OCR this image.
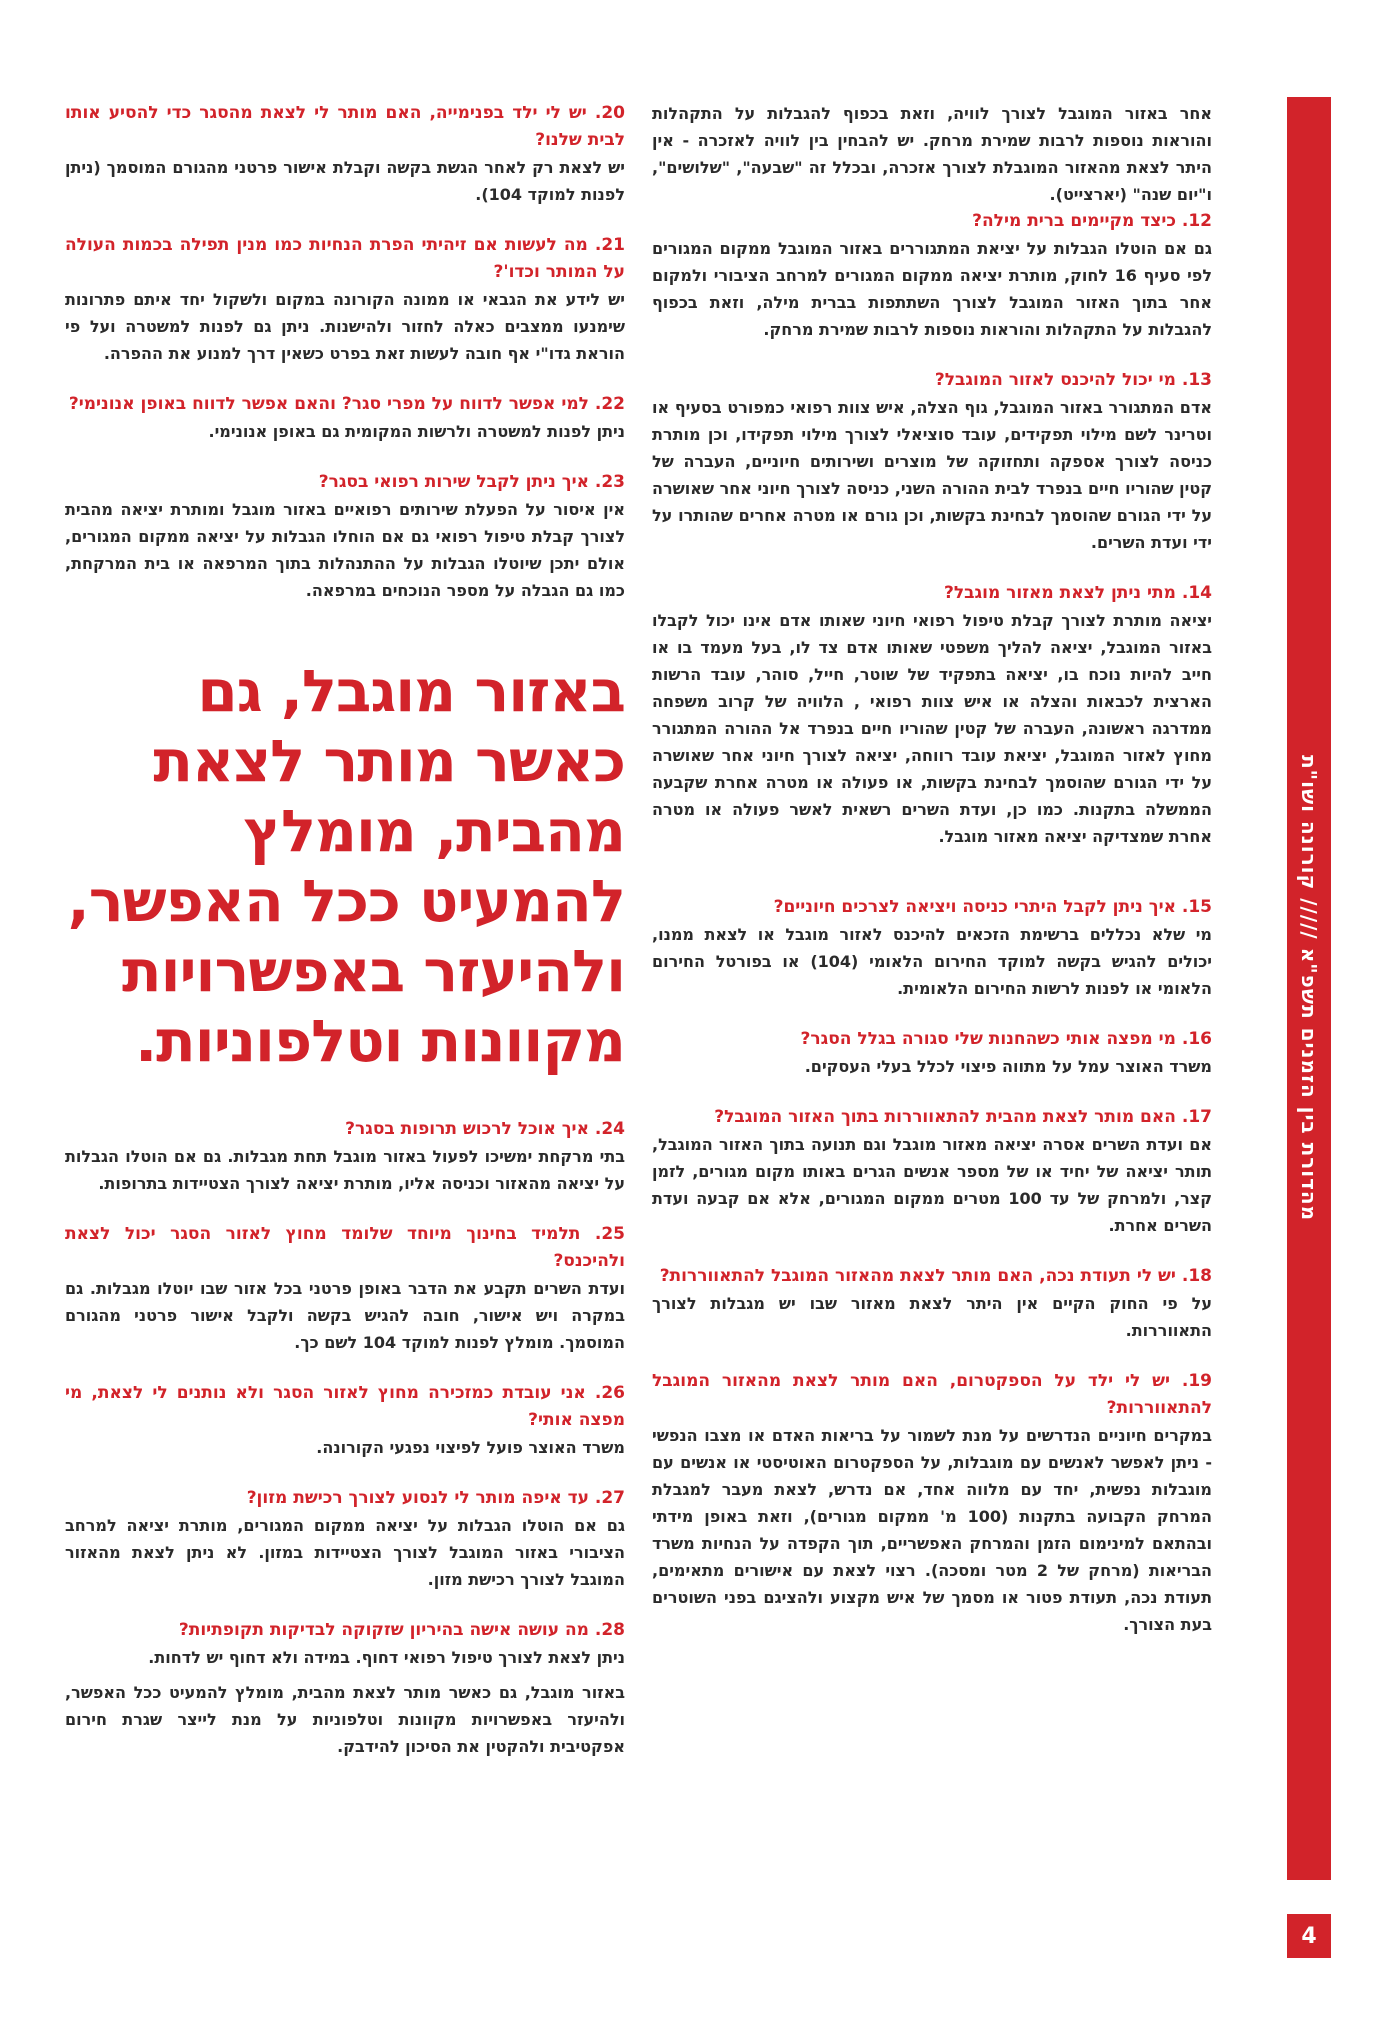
מהדורת בין הזמנים תשפ"א ///// קורונה ושו"ת
4

אחר באזור המוגבל לצורך לוויה, וזאת בכפוף להגבלות על התקהלות והוראות נוספות לרבות שמירת מרחק. יש להבחין בין לוויה לאזכרה - אין היתר לצאת מהאזור המוגבלת לצורך אזכרה, ובכלל זה "שבעה", "שלושים", ו"יום שנה" (יארצייט).

12. כיצד מקיימים ברית מילה?

גם אם הוטלו הגבלות על יציאת המתגוררים באזור המוגבל ממקום המגורים לפי סעיף 16 לחוק, מותרת יציאה ממקום המגורים למרחב הציבורי ולמקום אחר בתוך האזור המוגבל לצורך השתתפות בברית מילה, וזאת בכפוף להגבלות על התקהלות והוראות נוספות לרבות שמירת מרחק.

13. מי יכול להיכנס לאזור המוגבל?

אדם המתגורר באזור המוגבל, גוף הצלה, איש צוות רפואי כמפורט בסעיף או וטרינר לשם מילוי תפקידים, עובד סוציאלי לצורך מילוי תפקידו, וכן מותרת כניסה לצורך אספקה ותחזוקה של מוצרים ושירותים חיוניים, העברה של קטין שהוריו חיים בנפרד לבית ההורה השני, כניסה לצורך חיוני אחר שאושרה על ידי הגורם שהוסמך לבחינת בקשות, וכן גורם או מטרה אחרים שהותרו על ידי ועדת השרים.

14. מתי ניתן לצאת מאזור מוגבל?

יציאה מותרת לצורך קבלת טיפול רפואי חיוני שאותו אדם אינו יכול לקבלו באזור המוגבל, יציאה להליך משפטי שאותו אדם צד לו, בעל מעמד בו או חייב להיות נוכח בו, יציאה בתפקיד של שוטר, חייל, סוהר, עובד הרשות הארצית לכבאות והצלה או איש צוות רפואי , הלוויה של קרוב משפחה ממדרגה ראשונה, העברה של קטין שהוריו חיים בנפרד אל ההורה המתגורר מחוץ לאזור המוגבל, יציאת עובד רווחה, יציאה לצורך חיוני אחר שאושרה על ידי הגורם שהוסמך לבחינת בקשות, או פעולה או מטרה אחרת שקבעה הממשלה בתקנות. כמו כן, ועדת השרים רשאית לאשר פעולה או מטרה אחרת שמצדיקה יציאה מאזור מוגבל.

15. איך ניתן לקבל היתרי כניסה ויציאה לצרכים חיוניים?

מי שלא נכללים ברשימת הזכאים להיכנס לאזור מוגבל או לצאת ממנו, יכולים להגיש בקשה למוקד החירום הלאומי (104) או בפורטל החירום הלאומי או לפנות לרשות החירום הלאומית.

16. מי מפצה אותי כשהחנות שלי סגורה בגלל הסגר?

משרד האוצר עמל על מתווה פיצוי לכלל בעלי העסקים.

17. האם מותר לצאת מהבית להתאווררות בתוך האזור המוגבל?

אם ועדת השרים אסרה יציאה מאזור מוגבל וגם תנועה בתוך האזור המוגבל, תותר יציאה של יחיד או של מספר אנשים הגרים באותו מקום מגורים, לזמן קצר, ולמרחק של עד 100 מטרים ממקום המגורים, אלא אם קבעה ועדת השרים אחרת.

18. יש לי תעודת נכה, האם מותר לצאת מהאזור המוגבל להתאווררות?

על פי החוק הקיים אין היתר לצאת מאזור שבו יש מגבלות לצורך התאווררות.

19. יש לי ילד על הספקטרום, האם מותר לצאת מהאזור המוגבל להתאווררות?

במקרים חיוניים הנדרשים על מנת לשמור על בריאות האדם או מצבו הנפשי - ניתן לאפשר לאנשים עם מוגבלות, על הספקטרום האוטיסטי או אנשים עם מוגבלות נפשית, יחד עם מלווה אחד, אם נדרש, לצאת מעבר למגבלת המרחק הקבועה בתקנות (100 מ' ממקום מגורים), וזאת באופן מידתי ובהתאם למינימום הזמן והמרחק האפשריים, תוך הקפדה על הנחיות משרד הבריאות (מרחק של 2 מטר ומסכה). רצוי לצאת עם אישורים מתאימים, תעודת נכה, תעודת פטור או מסמך של איש מקצוע ולהציגם בפני השוטרים בעת הצורך.

20. יש לי ילד בפנימייה, האם מותר לי לצאת מהסגר כדי להסיע אותו לבית שלנו?

יש לצאת רק לאחר הגשת בקשה וקבלת אישור פרטני מהגורם המוסמך (ניתן לפנות למוקד 104).

21. מה לעשות אם זיהיתי הפרת הנחיות כמו מנין תפילה בכמות העולה על המותר וכדו'?

יש לידע את הגבאי או ממונה הקורונה במקום ולשקול יחד איתם פתרונות שימנעו ממצבים כאלה לחזור ולהישנות. ניתן גם לפנות למשטרה ועל פי הוראת גדו"י אף חובה לעשות זאת בפרט כשאין דרך למנוע את ההפרה.

22. למי אפשר לדווח על מפרי סגר? והאם אפשר לדווח באופן אנונימי?

ניתן לפנות למשטרה ולרשות המקומית גם באופן אנונימי.

23. איך ניתן לקבל שירות רפואי בסגר?

אין איסור על הפעלת שירותים רפואיים באזור מוגבל ומותרת יציאה מהבית לצורך קבלת טיפול רפואי גם אם הוחלו הגבלות על יציאה ממקום המגורים, אולם יתכן שיוטלו הגבלות על ההתנהלות בתוך המרפאה או בית המרקחת, כמו גם הגבלה על מספר הנוכחים במרפאה.

באזור מוגבל, גם כאשר מותר לצאת מהבית, מומלץ להמעיט ככל האפשר, ולהיעזר באפשרויות מקוונות וטלפוניות.

24. איך אוכל לרכוש תרופות בסגר?

בתי מרקחת ימשיכו לפעול באזור מוגבל תחת מגבלות. גם אם הוטלו הגבלות על יציאה מהאזור וכניסה אליו, מותרת יציאה לצורך הצטיידות בתרופות.

25. תלמיד בחינוך מיוחד שלומד מחוץ לאזור הסגר יכול לצאת ולהיכנס?

ועדת השרים תקבע את הדבר באופן פרטני בכל אזור שבו יוטלו מגבלות. גם במקרה ויש אישור, חובה להגיש בקשה ולקבל אישור פרטני מהגורם המוסמך. מומלץ לפנות למוקד 104 לשם כך.

26. אני עובדת כמזכירה מחוץ לאזור הסגר ולא נותנים לי לצאת, מי מפצה אותי?

משרד האוצר פועל לפיצוי נפגעי הקורונה.

27. עד איפה מותר לי לנסוע לצורך רכישת מזון?

גם אם הוטלו הגבלות על יציאה ממקום המגורים, מותרת יציאה למרחב הציבורי באזור המוגבל לצורך הצטיידות במזון. לא ניתן לצאת מהאזור המוגבל לצורך רכישת מזון.

28. מה עושה אישה בהיריון שזקוקה לבדיקות תקופתיות?

ניתן לצאת לצורך טיפול רפואי דחוף. במידה ולא דחוף יש לדחות.

באזור מוגבל, גם כאשר מותר לצאת מהבית, מומלץ להמעיט ככל האפשר, ולהיעזר באפשרויות מקוונות וטלפוניות על מנת לייצר שגרת חירום אפקטיבית ולהקטין את הסיכון להידבק.
